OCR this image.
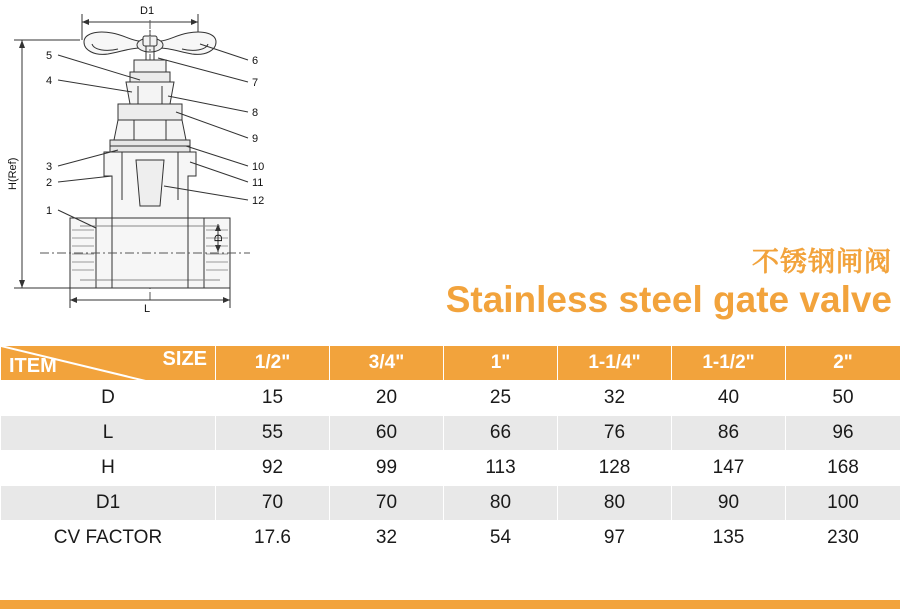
D1
H(Ref)
L
D
5
4
3
2
1
6
7
8
9
10
11
12
不锈钢闸阀
Stainless steel gate valve
SIZE
ITEM	1/2"	3/4"	1"	1-1/4"	1-1/2"	2"
D	15	20	25	32	40	50
L	55	60	66	76	86	96
H	92	99	113	128	147	168
D1	70	70	80	80	90	100
CV FACTOR	17.6	32	54	97	135	230
